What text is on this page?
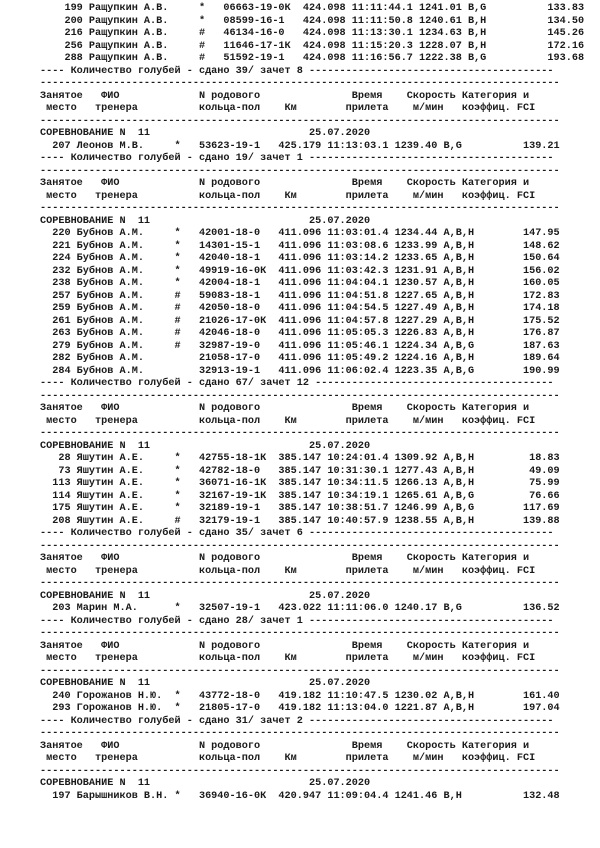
199 Ращупкин А.В.     *   06663-19-0К  424.098 11:11:44.1 1241.01 B,G          133.83
200 Ращупкин А.В.     *   08599-16-1   424.098 11:11:50.8 1240.61 B,H          134.50
216 Ращупкин А.В.     #   46134-16-0   424.098 11:13:30.1 1234.63 B,H          145.26
256 Ращупкин А.В.     #   11646-17-1К  424.098 11:15:20.3 1228.07 B,H          172.16
288 Ращупкин А.В.     #   51592-19-1   424.098 11:16:56.7 1222.38 B,G          193.68
---- Количество голубей - сдано 39/ зачет 8 ----------------------------------------
-------------------------------------------------------------------------------------
Занятое   ФИО             N родового               Время    Скорость Категория и
место   тренера          кольца-пол    Км        прилета    м/мин   коэффиц. FCI
-------------------------------------------------------------------------------------
СОРЕВНОВАНИЕ N  11                          25.07.2020
207 Леонов М.В.     *   53623-19-1   425.179 11:13:03.1 1239.40 B,G          139.21
---- Количество голубей - сдано 19/ зачет 1 ----------------------------------------
-------------------------------------------------------------------------------------
Занятое   ФИО             N родового               Время    Скорость Категория и
место   тренера          кольца-пол    Км        прилета    м/мин   коэффиц. FCI
-------------------------------------------------------------------------------------
СОРЕВНОВАНИЕ N  11                          25.07.2020
220 Бубнов А.М.     *   42001-18-0   411.096 11:03:01.4 1234.44 A,B,H        147.95
221 Бубнов А.М.     *   14301-15-1   411.096 11:03:08.6 1233.99 A,B,H        148.62
224 Бубнов А.М.     *   42040-18-1   411.096 11:03:14.2 1233.65 A,B,H        150.64
232 Бубнов А.М.     *   49919-16-0К  411.096 11:03:42.3 1231.91 A,B,H        156.02
238 Бубнов А.М.     *   42004-18-1   411.096 11:04:04.1 1230.57 A,B,H        160.05
257 Бубнов А.М.     #   59083-18-1   411.096 11:04:51.8 1227.65 A,B,H        172.83
259 Бубнов А.М.     #   42050-18-0   411.096 11:04:54.5 1227.49 A,B,H        174.18
261 Бубнов А.М.     #   21026-17-0К  411.096 11:04:57.8 1227.29 A,B,H        175.52
263 Бубнов А.М.     #   42046-18-0   411.096 11:05:05.3 1226.83 A,B,H        176.87
279 Бубнов А.М.     #   32987-19-0   411.096 11:05:46.1 1224.34 A,B,G        187.63
282 Бубнов А.М.         21058-17-0   411.096 11:05:49.2 1224.16 A,B,H        189.64
284 Бубнов А.М.         32913-19-1   411.096 11:06:02.4 1223.35 A,B,G        190.99
---- Количество голубей - сдано 67/ зачет 12 ---------------------------------------
-------------------------------------------------------------------------------------
Занятое   ФИО             N родового               Время    Скорость Категория и
место   тренера          кольца-пол    Км        прилета    м/мин   коэффиц. FCI
-------------------------------------------------------------------------------------
СОРЕВНОВАНИЕ N  11                          25.07.2020
28 Яшутин А.Е.     *   42755-18-1К  385.147 10:24:01.4 1309.92 A,B,H         18.83
73 Яшутин А.Е.     *   42782-18-0   385.147 10:31:30.1 1277.43 A,B,H         49.09
113 Яшутин А.Е.     *   36071-16-1К  385.147 10:34:11.5 1266.13 A,B,H         75.99
114 Яшутин А.Е.     *   32167-19-1К  385.147 10:34:19.1 1265.61 A,B,G         76.66
175 Яшутин А.Е.     *   32189-19-1   385.147 10:38:51.7 1246.99 A,B,G        117.69
208 Яшутин А.Е.     #   32179-19-1   385.147 10:40:57.9 1238.55 A,B,H        139.88
---- Количество голубей - сдано 35/ зачет 6 ----------------------------------------
-------------------------------------------------------------------------------------
Занятое   ФИО             N родового               Время    Скорость Категория и
место   тренера          кольца-пол    Км        прилета    м/мин   коэффиц. FCI
-------------------------------------------------------------------------------------
СОРЕВНОВАНИЕ N  11                          25.07.2020
203 Марин М.А.      *   32507-19-1   423.022 11:11:06.0 1240.17 B,G          136.52
---- Количество голубей - сдано 28/ зачет 1 ----------------------------------------
-------------------------------------------------------------------------------------
Занятое   ФИО             N родового               Время    Скорость Категория и
место   тренера          кольца-пол    Км        прилета    м/мин   коэффиц. FCI
-------------------------------------------------------------------------------------
СОРЕВНОВАНИЕ N  11                          25.07.2020
240 Горожанов Н.Ю.  *   43772-18-0   419.182 11:10:47.5 1230.02 A,B,H        161.40
293 Горожанов Н.Ю.  *   21805-17-0   419.182 11:13:04.0 1221.87 A,B,H        197.04
---- Количество голубей - сдано 31/ зачет 2 ----------------------------------------
-------------------------------------------------------------------------------------
Занятое   ФИО             N родового               Время    Скорость Категория и
место   тренера          кольца-пол    Км        прилета    м/мин   коэффиц. FCI
-------------------------------------------------------------------------------------
СОРЕВНОВАНИЕ N  11                          25.07.2020
197 Барышников В.Н. *   36940-16-0К  420.947 11:09:04.4 1241.46 B,H          132.48
